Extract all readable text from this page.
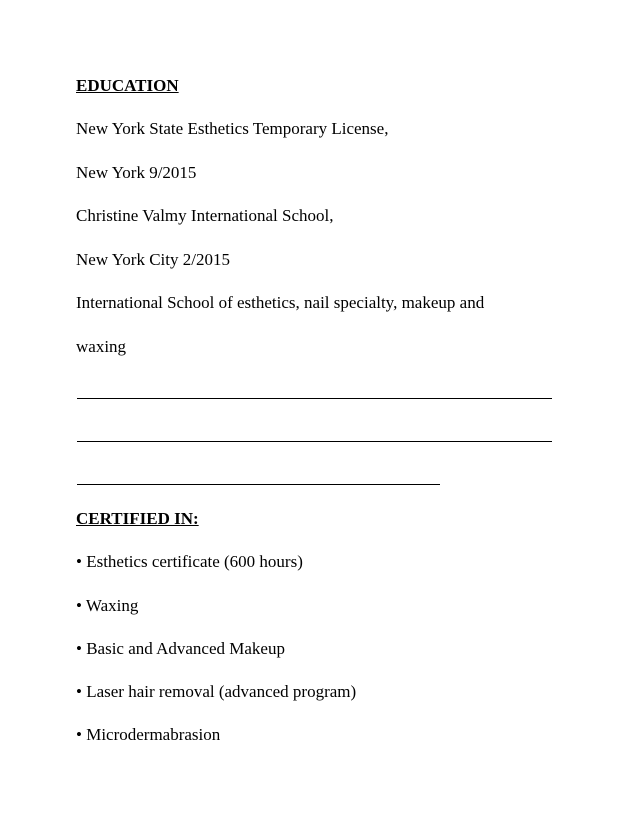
EDUCATION
New York State Esthetics Temporary License,
New York 9/2015
Christine Valmy International School,
New York City 2/2015
International School of esthetics, nail specialty, makeup and
waxing
CERTIFIED IN:
• Esthetics certificate (600 hours)
• Waxing
• Basic and Advanced Makeup
• Laser hair removal (advanced program)
• Microdermabrasion
